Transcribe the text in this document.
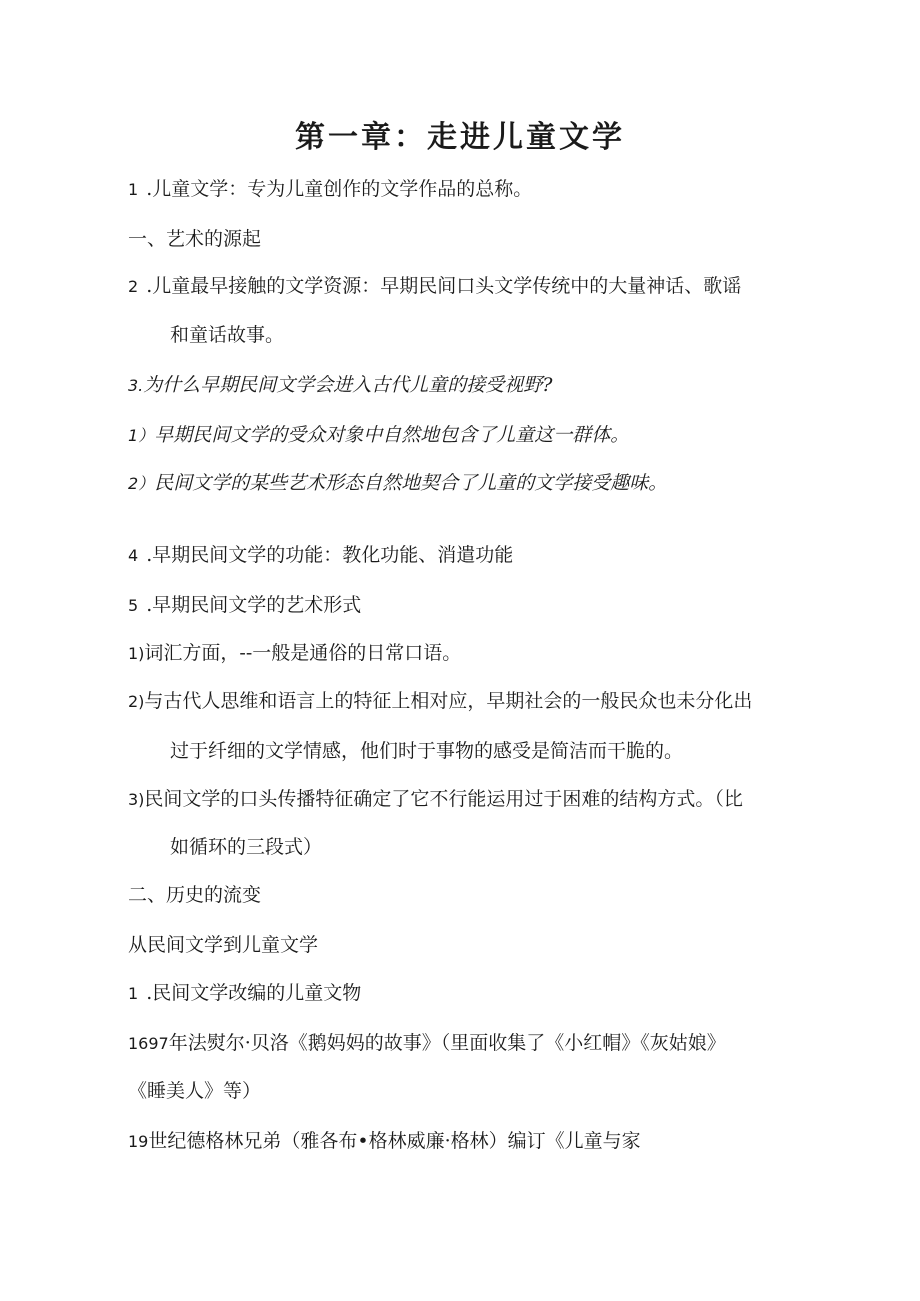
第一章：走进儿童文学
1 .儿童文学：专为儿童创作的文学作品的总称。
一、艺术的源起
2 .儿童最早接触的文学资源：早期民间口头文学传统中的大量神话、歌谣
和童话故事。
3.为什么早期民间文学会进入古代儿童的接受视野?
1）早期民间文学的受众对象中自然地包含了儿童这一群体。
2）民间文学的某些艺术形态自然地契合了儿童的文学接受趣味。
4 .早期民间文学的功能：教化功能、消遣功能
5 .早期民间文学的艺术形式
1)词汇方面，--一般是通俗的日常口语。
2)与古代人思维和语言上的特征上相对应，早期社会的一般民众也未分化出
过于纤细的文学情感，他们时于事物的感受是简洁而干脆的。
3)民间文学的口头传播特征确定了它不行能运用过于困难的结构方式。（比
如循环的三段式）
二、历史的流变
从民间文学到儿童文学
1 .民间文学改编的儿童文物
1697年法熨尔·贝洛《鹅妈妈的故事》（里面收集了《小红帽》《灰姑娘》
《睡美人》等）
19世纪德格林兄弟（雅各布•格林威廉·格林）编订《儿童与家
